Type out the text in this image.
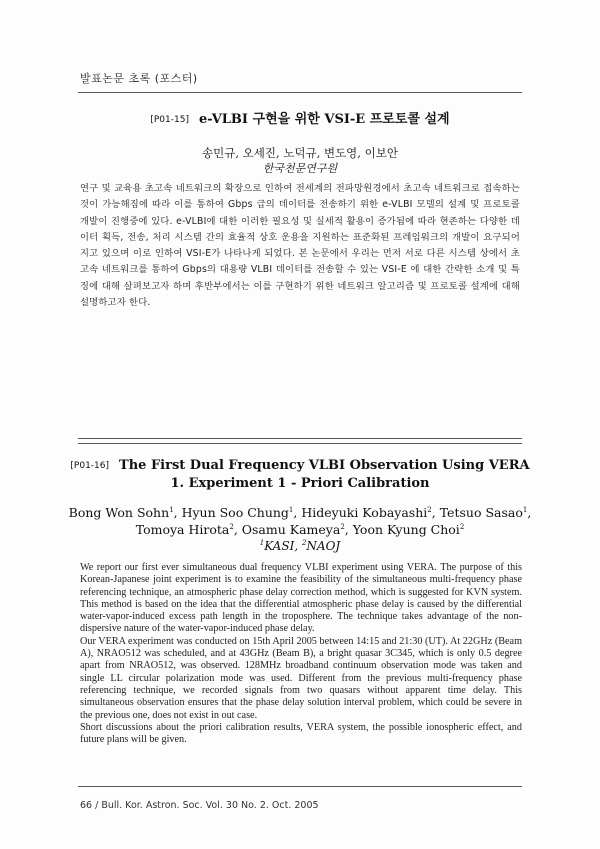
발표논문 초록 (포스터)
[P01-15] e-VLBI 구현을 위한 VSI-E 프로토콜 설계
송민규, 오세진, 노덕규, 변도영, 이보안
한국천문연구원
연구 및 교육용 초고속 네트워크의 확장으로 인하여 전세계의 전파망원경에서 초고속 네트워크로 접속하는 것이 가능해짐에 따라 이를 통하여 Gbps 급의 데이터를 전송하기 위한 e-VLBI 모델의 설계 및 프로토콜 개발이 진행중에 있다. e-VLBI에 대한 이러한 필요성 및 실세적 활용이 증가됨에 따라 현존하는 다양한 데이터 획득, 전송, 처리 시스템 간의 효율적 상호 운용을 지원하는 표준화된 프레임워크의 개발이 요구되어지고 있으며 이로 인하여 VSI-E가 나타나게 되었다. 본 논문에서 우리는 먼저 서로 다른 시스템 상에서 초고속 네트워크를 통하여 Gbps의 대용량 VLBI 데이터를 전송할 수 있는 VSI-E 에 대한 간략한 소개 및 특징에 대해 살펴보고자 하며 후반부에서는 이를 구현하기 위한 네트워크 알고리즘 및 프로토콜 설계에 대해 설명하고자 한다.
[P01-16] The First Dual Frequency VLBI Observation Using VERA
1. Experiment 1 - Priori Calibration
Bong Won Sohn$^1$, Hyun Soo Chung$^1$, Hideyuki Kobayashi$^2$, Tetsuo Sasao$^1$,
Tomoya Hirota$^2$, Osamu Kameya$^2$, Yoon Kyung Choi$^2$
$^1$KASI, $^2$NAOJ

We report our first ever simultaneous dual frequency VLBI experiment using VERA. The purpose of this Korean-Japanese joint experiment is to examine the feasibility of the simultaneous multi-frequency phase referencing technique, an atmospheric phase delay correction method, which is suggested for KVN system. This method is based on the idea that the differential atmospheric phase delay is caused by the differential water-vapor-induced excess path length in the troposphere. The technique takes advantage of the non-dispersive nature of the water-vapor-induced phase delay.

Our VERA experiment was conducted on 15th April 2005 between 14:15 and 21:30 (UT). At 22GHz (Beam A), NRAO512 was scheduled, and at 43GHz (Beam B), a bright quasar 3C345, which is only 0.5 degree apart from NRAO512, was observed. 128MHz broadband continuum observation mode was taken and single LL circular polarization mode was used. Different from the previous multi-frequency phase referencing technique, we recorded signals from two quasars without apparent time delay. This simultaneous observation ensures that the phase delay solution interval problem, which could be severe in the previous one, does not exist in out case.

Short discussions about the priori calibration results, VERA system, the possible ionospheric effect, and future plans will be given.

66 / Bull. Kor. Astron. Soc. Vol. 30 No. 2. Oct. 2005
